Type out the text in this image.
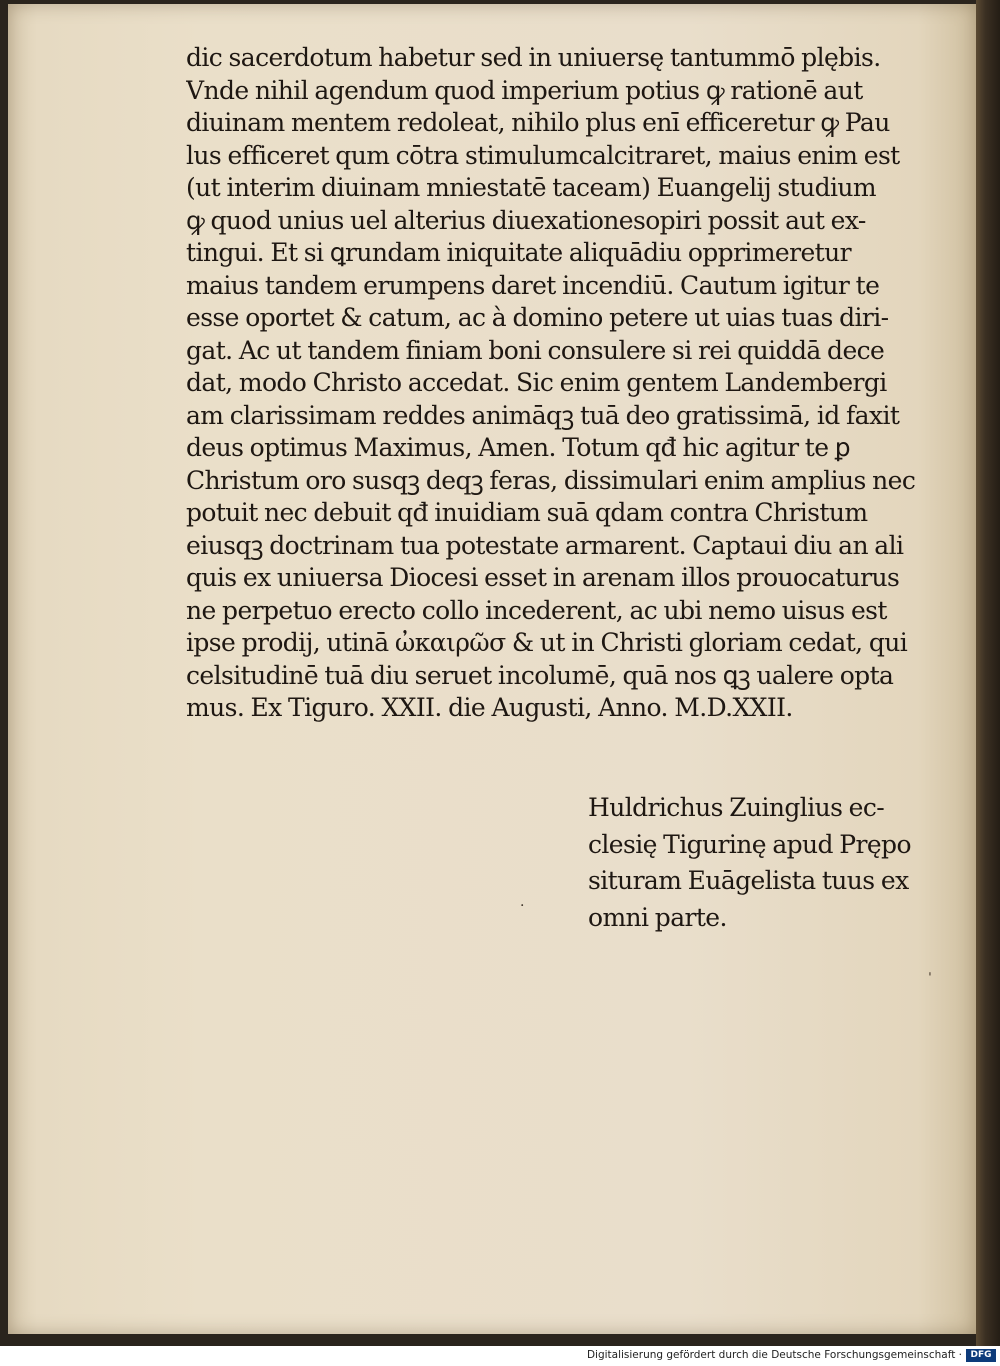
dic sacerdotum habetur sed in uniuersę tantummō plębis.
Vnde nihil agendum quod imperium potius ꝙ rationē aut
diuinam mentem redoleat, nihilo plus enī efficeretur ꝙ Pau
lus efficeret qum cōtra stimulumcalcitraret, maius enim est
(ut interim diuinam mniestatē taceam) Euangelij studium
ꝙ quod unius uel alterius diuexationesopiri possit aut ex-
tingui. Et si ꝗrundam iniquitate aliquādiu opprimeretur
maius tandem erumpens daret incendiū. Cautum igitur te
esse oportet & catum, ac à domino petere ut uias tuas diri-
gat. Ac ut tandem finiam boni consulere si rei quiddā dece
dat, modo Christo accedat. Sic enim gentem Landembergi
am clarissimam reddes animāqꝫ tuā deo gratissimā, id faxit
deus optimus Maximus, Amen. Totum qđ hic agitur te ꝑ
Christum oro susqꝫ deqꝫ feras, dissimulari enim amplius nec
potuit nec debuit qđ inuidiam suā qdam contra Christum
eiusqꝫ doctrinam tua potestate armarent. Captaui diu an ali
quis ex uniuersa Diocesi esset in arenam illos prouocaturus
ne perpetuo erecto collo incederent, ac ubi nemo uisus est
ipse prodij, utinā ὠκαιρῶσ & ut in Christi gloriam cedat, qui
celsitudinē tuā diu seruet incolumē, quā nos ꝗꝫ ualere opta
mus. Ex Tiguro. XXII. die Augusti, Anno. M.D.XXII.
Huldrichus Zuinglius ec-
clesię Tigurinę apud Prępo
situram Euāgelista tuus ex
omni parte.
·
ˌ
Digitalisierung gefördert durch die Deutsche Forschungsgemeinschaft · DFG
